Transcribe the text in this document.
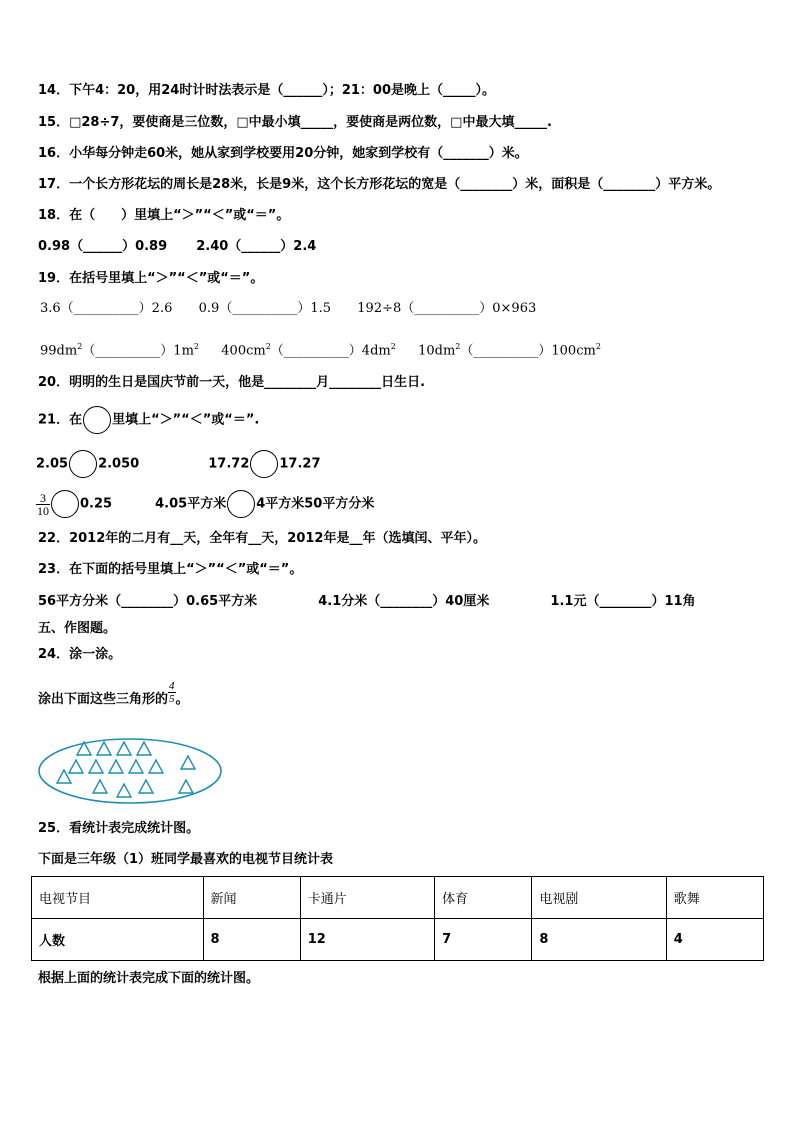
14．下午4：20，用24时计时法表示是（______）；21：00是晚上（_____）。
15．□28÷7，要使商是三位数，□中最小填_____，要使商是两位数，□中最大填_____.
16．小华每分钟走60米，她从家到学校要用20分钟，她家到学校有（_______）米。
17．一个长方形花坛的周长是28米，长是9米，这个长方形花坛的宽是（________）米，面积是（________）平方米。
18．在（　　）里填上“＞”“＜”或“＝”。
0.98（______）0.89 2.40（______）2.4
19．在括号里填上“＞”“＜”或“＝”。
3.6（__________）2.6 0.9（__________）1.5 192÷8（__________）0×963
$99dm^2(\_\_\_\_\_\_\_\_\_\_)1m^2$ $400cm^2(\_\_\_\_\_\_\_\_\_\_)4dm^2$ $10dm^2(\_\_\_\_\_\_\_\_\_\_)100cm^2$
20．明明的生日是国庆节前一天，他是________月________日生日.
21．在 里填上“＞”“＜”或“＝”.
2.05 2.050	17.72 17.27
$\frac{3}{10} 0.25$	4.05平方米 4平方米50平方分米
22．2012年的二月有__天，全年有__天，2012年是__年（选填闰、平年）。
23．在下面的括号里填上“＞”“＜”或“＝”。
56平方分米（________）0.65平方米	4.1分米（________）40厘米	1.1元（________）11角
五、作图题。
24．涂一涂。
涂出下面这些三角形的 $\frac{4}{5}$ 。
25．看统计表完成统计图。
下面是三年级（1）班同学最喜欢的电视节目统计表
电视节目	新闻	卡通片	体育	电视剧	歌舞
人数	8	12	7	8	4
根据上面的统计表完成下面的统计图。
